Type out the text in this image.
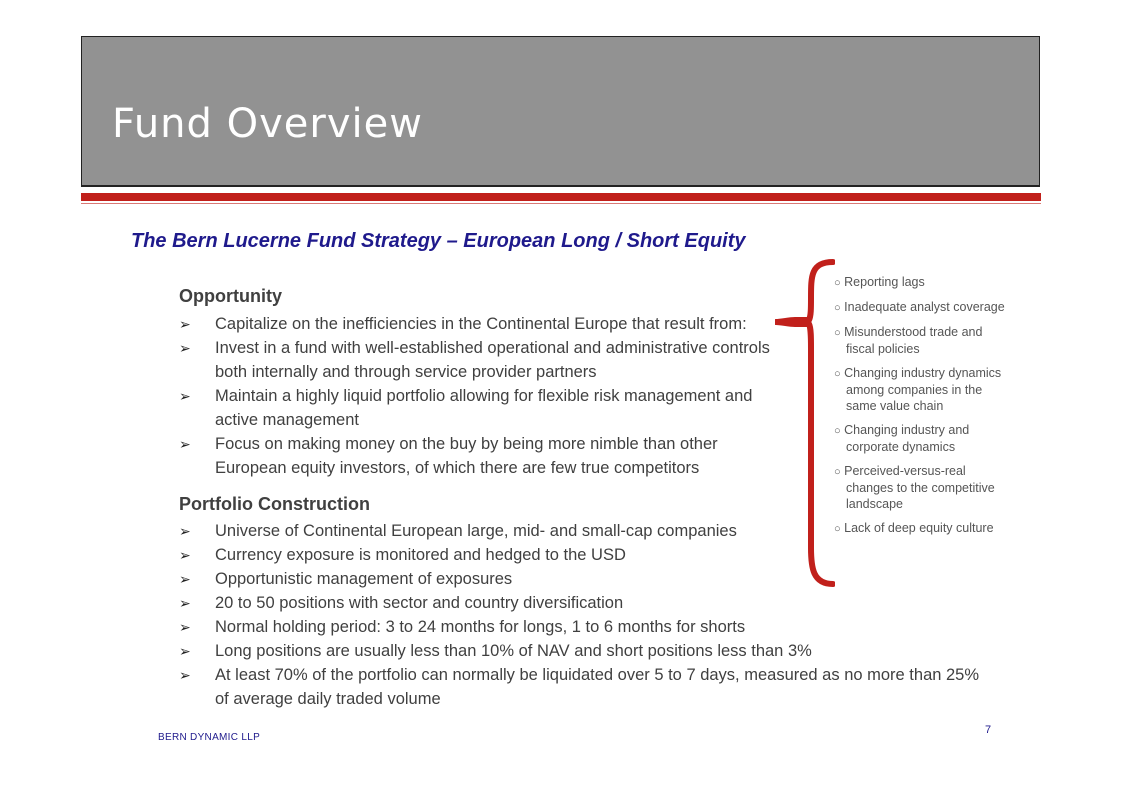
Fund Overview

The Bern Lucerne Fund Strategy – European Long / Short Equity

Opportunity

➢ Capitalize on the inefficiencies in the Continental Europe that result from:
➢ Invest in a fund with well-established operational and administrative controls both internally and through service provider partners
➢ Maintain a highly liquid portfolio allowing for flexible risk management and active management
➢ Focus on making money on the buy by being more nimble than other European equity investors, of which there are few true competitors

Portfolio Construction

➢ Universe of Continental European large, mid- and small-cap companies
➢ Currency exposure is monitored and hedged to the USD
➢ Opportunistic management of exposures
➢ 20 to 50 positions with sector and country diversification
➢ Normal holding period: 3 to 24 months for longs, 1 to 6 months for shorts
➢ Long positions are usually less than 10% of NAV and short positions less than 3%
➢ At least 70% of the portfolio can normally be liquidated over 5 to 7 days, measured as no more than 25% of average daily traded volume
○ Reporting lags
○ Inadequate analyst coverage
○ Misunderstood trade and fiscal policies
○ Changing industry dynamics among companies in the same value chain
○ Changing industry and corporate dynamics
○ Perceived-versus-real changes to the competitive landscape
○ Lack of deep equity culture
BERN DYNAMIC LLP
7
